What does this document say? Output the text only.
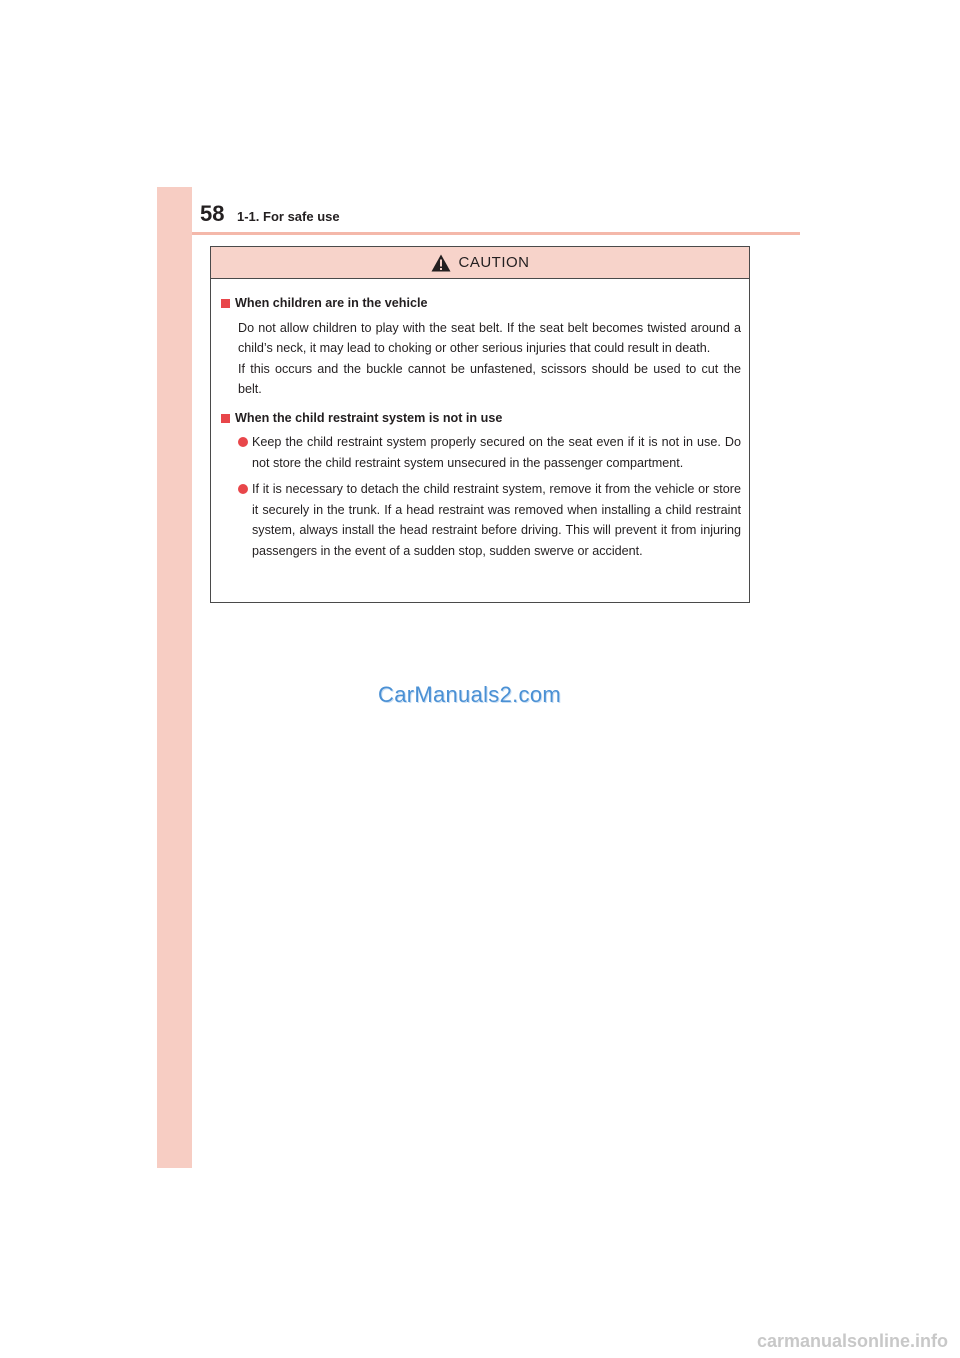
58 1-1. For safe use
CAUTION
When children are in the vehicle

Do not allow children to play with the seat belt. If the seat belt becomes twisted around a child’s neck, it may lead to choking or other serious injuries that could result in death.

If this occurs and the buckle cannot be unfastened, scissors should be used to cut the belt.

When the child restraint system is not in use
Keep the child restraint system properly secured on the seat even if it is not in use. Do not store the child restraint system unsecured in the passenger compartment.
If it is necessary to detach the child restraint system, remove it from the vehicle or store it securely in the trunk. If a head restraint was removed when installing a child restraint system, always install the head restraint before driving. This will prevent it from injuring passengers in the event of a sudden stop, sudden swerve or accident.
CarManuals2.com
carmanualsonline.info
